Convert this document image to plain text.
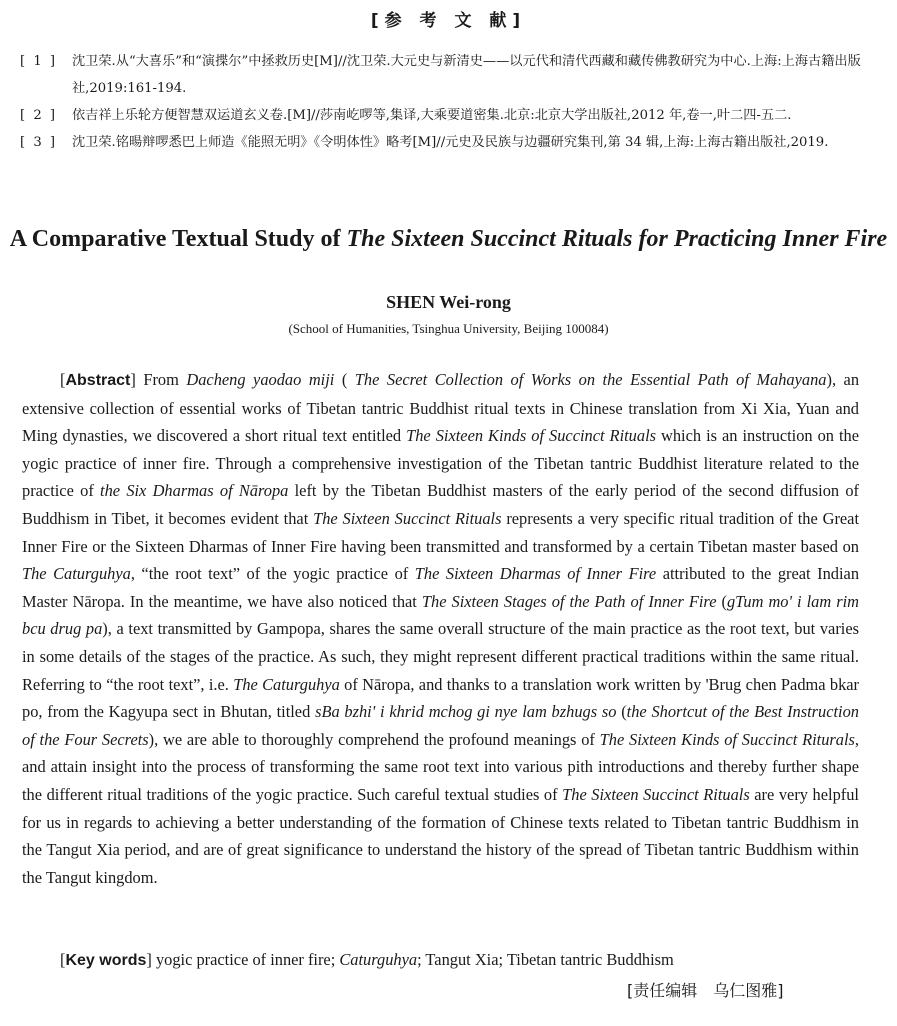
[参 考 文 献]
[ 1 ]	沈卫荣.从“大喜乐”和“演揲尔”中拯救历史[M]//沈卫荣.大元史与新清史——以元代和清代西藏和藏传佛教研究为中心.上海:上海古籍出版社,2019:161-194.
[ 2 ]	依吉祥上乐轮方便智慧双运道玄义卷.[M]//莎南屹啰等,集译,大乘要道密集.北京:北京大学出版社,2012 年,卷一,叶二四-五二.
[ 3 ]	沈卫荣.铭暘辩啰悉巴上师造《能照无明》《令明体性》略考[M]//元史及民族与边疆研究集刊,第 34 辑,上海:上海古籍出版社,2019.
A Comparative Textual Study of The Sixteen Succinct Rituals for Practicing Inner Fire
SHEN Wei-rong
(School of Humanities, Tsinghua University, Beijing 100084)
[Abstract] From Dacheng yaodao miji ( The Secret Collection of Works on the Essential Path of Mahayana), an extensive collection of essential works of Tibetan tantric Buddhist ritual texts in Chinese translation from Xi Xia, Yuan and Ming dynasties, we discovered a short ritual text entitled The Sixteen Kinds of Succinct Rituals which is an instruction on the yogic practice of inner fire. Through a comprehensive investigation of the Tibetan tantric Buddhist literature related to the practice of the Six Dharmas of Nāropa left by the Tibetan Buddhist masters of the early period of the second diffusion of Buddhism in Tibet, it becomes evident that The Sixteen Succinct Rituals represents a very specific ritual tradition of the Great Inner Fire or the Sixteen Dharmas of Inner Fire having been transmitted and transformed by a certain Tibetan master based on The Caturguhya, “the root text” of the yogic practice of The Sixteen Dharmas of Inner Fire attributed to the great Indian Master Nāropa. In the meantime, we have also noticed that The Sixteen Stages of the Path of Inner Fire (gTum mo' i lam rim bcu drug pa), a text transmitted by Gampopa, shares the same overall structure of the main practice as the root text, but varies in some details of the stages of the practice. As such, they might represent different practical traditions within the same ritual. Referring to “the root text”, i.e. The Caturguhya of Nāropa, and thanks to a translation work written by 'Brug chen Padma bkar po, from the Kagyupa sect in Bhutan, titled sBa bzhi' i khrid mchog gi nye lam bzhugs so (the Shortcut of the Best Instruction of the Four Secrets), we are able to thoroughly comprehend the profound meanings of The Sixteen Kinds of Succinct Riturals, and attain insight into the process of transforming the same root text into various pith introductions and thereby further shape the different ritual traditions of the yogic practice. Such careful textual studies of The Sixteen Succinct Rituals are very helpful for us in regards to achieving a better understanding of the formation of Chinese texts related to Tibetan tantric Buddhism in the Tangut Xia period, and are of great significance to understand the history of the spread of Tibetan tantric Buddhism within the Tangut kingdom.
[Key words] yogic practice of inner fire; Caturguhya; Tangut Xia; Tibetan tantric Buddhism
[责任编辑　乌仁图雅]
